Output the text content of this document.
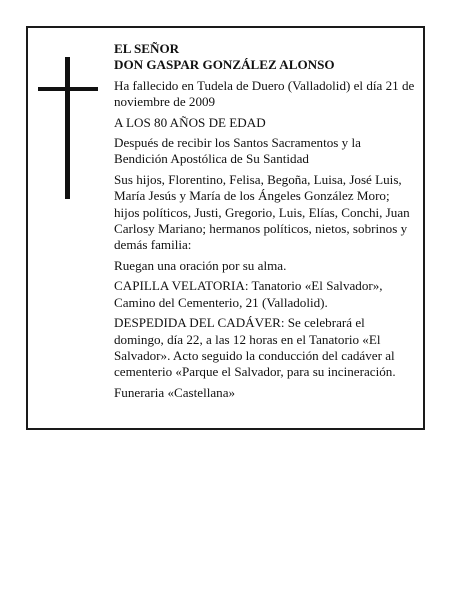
EL SEÑOR

DON GASPAR GONZÁLEZ ALONSO

Ha fallecido en Tudela de Duero (Valladolid) el día 21 de noviembre de 2009

A LOS 80 AÑOS DE EDAD

Después de recibir los Santos Sacramentos y la Bendición Apostólica de Su Santidad

Sus hijos, Florentino, Felisa, Begoña, Luisa, José Luis, María Jesús y María de los Ángeles González Moro; hijos políticos, Justi, Gregorio, Luis, Elías, Conchi, Juan Carlosy Mariano; hermanos políticos, nietos, sobrinos y demás familia:

Ruegan una oración por su alma.

CAPILLA VELATORIA: Tanatorio «El Salvador», Camino del Cementerio, 21 (Valladolid).

DESPEDIDA DEL CADÁVER: Se celebrará el domingo, día 22, a las 12 horas en el Tanatorio «El Salvador». Acto seguido la conducción del cadáver al cementerio «Parque el Salvador, para su incineración.

Funeraria «Castellana»
